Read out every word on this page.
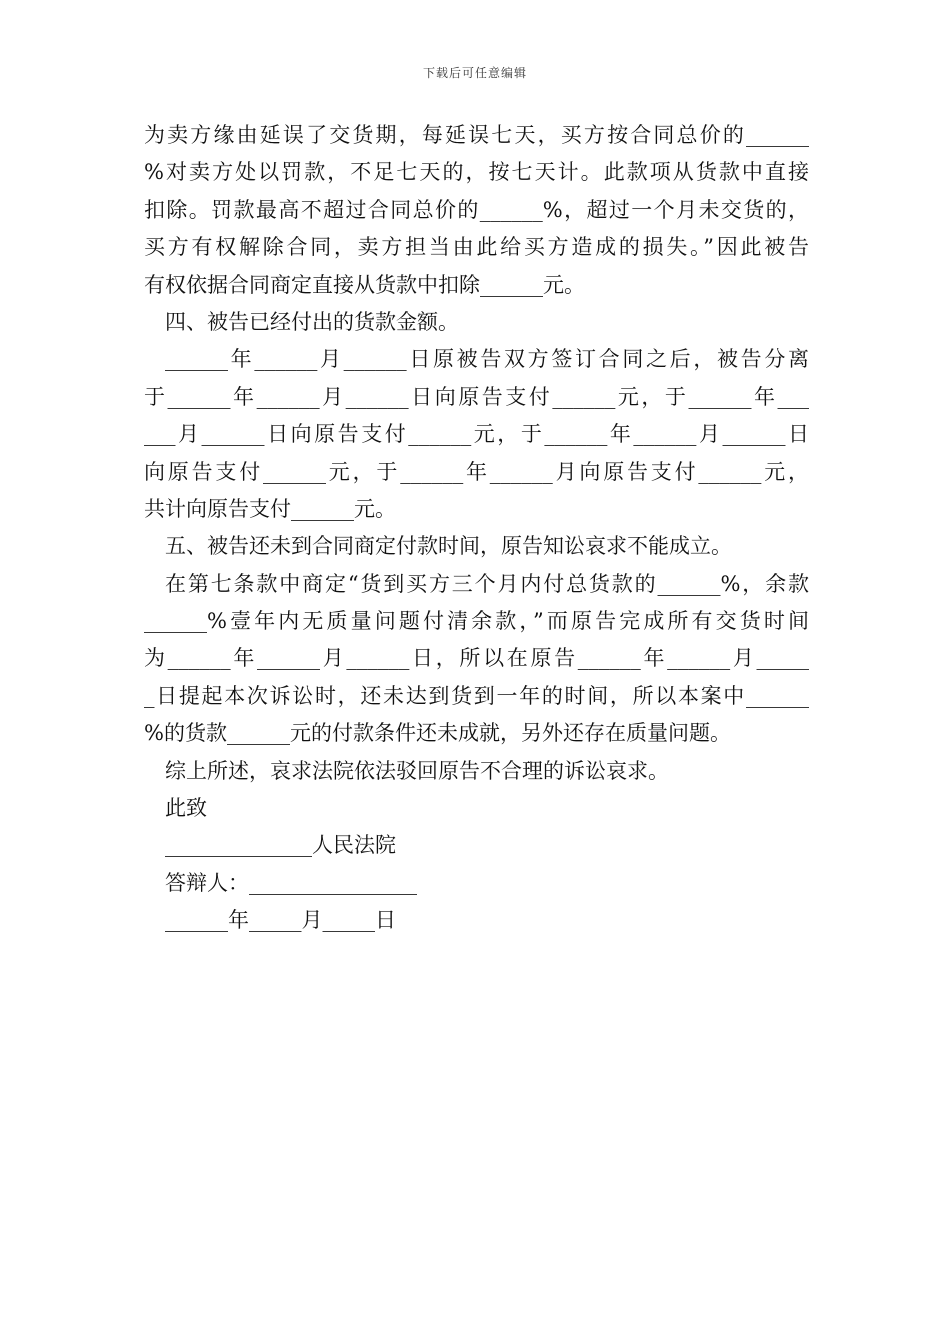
下载后可任意编辑
为卖方缘由延误了交货期，每延误七天，买方按合同总价的______
%对卖方处以罚款，不足七天的，按七天计。此款项从货款中直接
扣除。罚款最高不超过合同总价的______%，超过一个月未交货的，
买方有权解除合同，卖方担当由此给买方造成的损失。”因此被告
有权依据合同商定直接从货款中扣除______元。
四、被告已经付出的货款金额。
______年______月______日原被告双方签订合同之后，被告分离
于______年______月______日向原告支付______元，于______年___
___月______日向原告支付______元，于______年______月______日
向原告支付______元，于______年______月向原告支付______元，
共计向原告支付______元。
五、被告还未到合同商定付款时间，原告知讼哀求不能成立。
在第七条款中商定“货到买方三个月内付总货款的______%，余款
______%壹年内无质量问题付清余款，”而原告完成所有交货时间
为______年______月______日，所以在原告______年______月_____
_日提起本次诉讼时，还未达到货到一年的时间，所以本案中______
%的货款______元的付款条件还未成就，另外还存在质量问题。
综上所述，哀求法院依法驳回原告不合理的诉讼哀求。
此致
______________人民法院
答辩人：________________
______年_____月_____日
